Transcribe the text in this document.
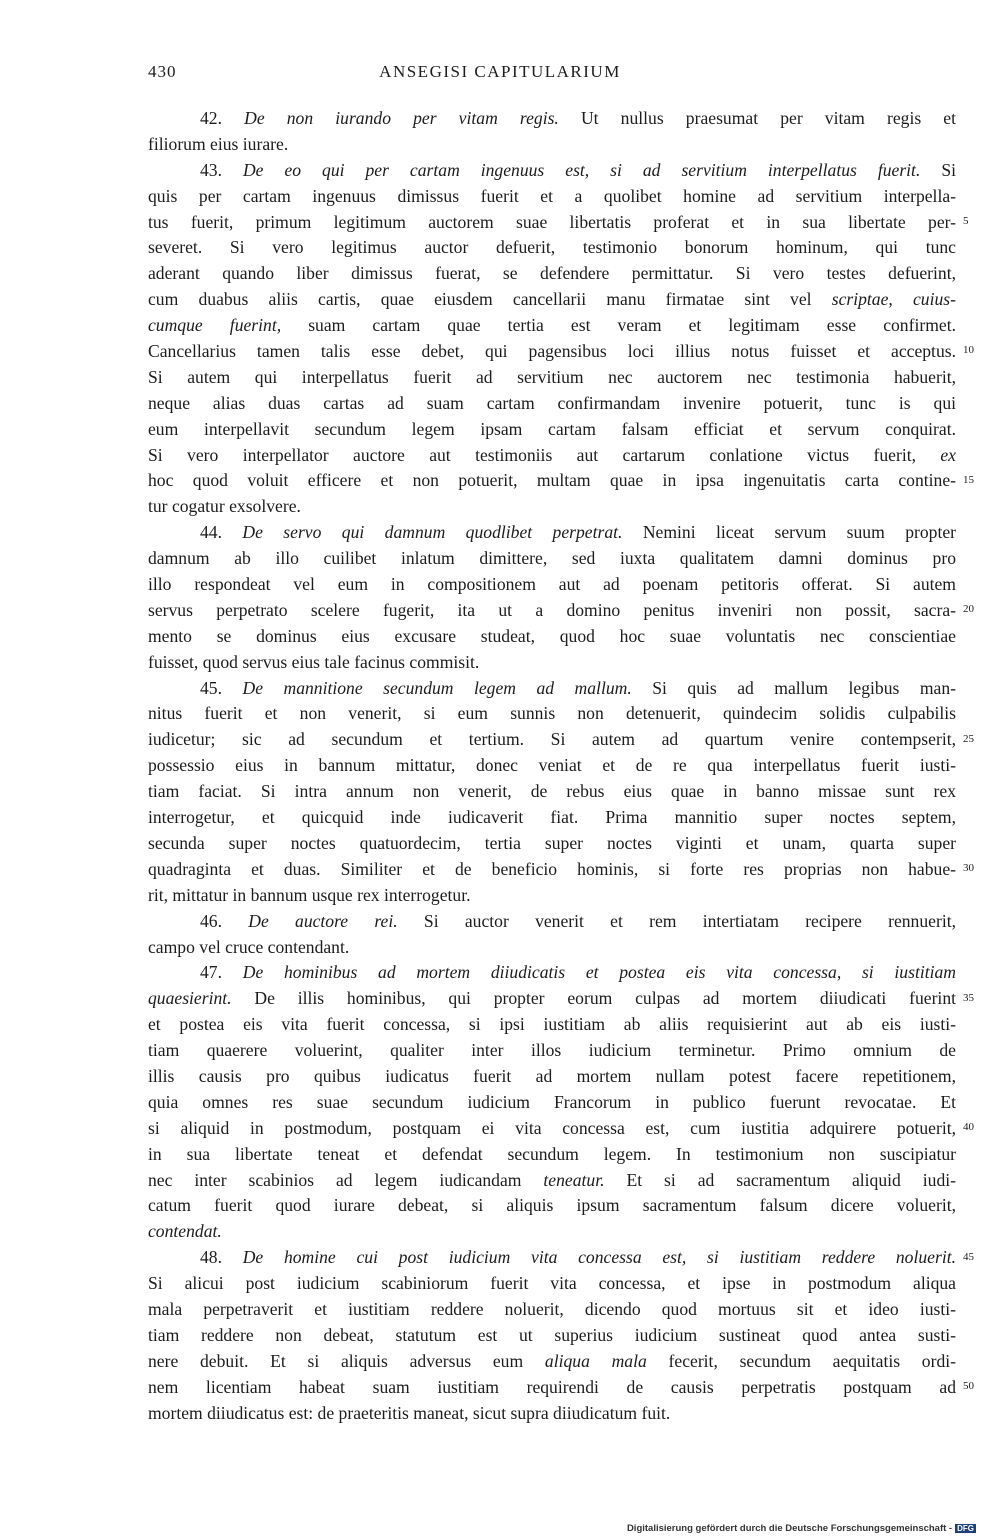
430	ANSEGISI CAPITULARIUM
42. De non iurando per vitam regis. Ut nullus praesumat per vitam regis et
filiorum eius iurare.
43. De eo qui per cartam ingenuus est, si ad servitium interpellatus fuerit. Si
quis per cartam ingenuus dimissus fuerit et a quolibet homine ad servitium interpella-
tus fuerit, primum legitimum auctorem suae libertatis proferat et in sua libertate per-
severet. Si vero legitimus auctor defuerit, testimonio bonorum hominum, qui tunc
aderant quando liber dimissus fuerat, se defendere permittatur. Si vero testes defuerint,
cum duabus aliis cartis, quae eiusdem cancellarii manu firmatae sint vel scriptae, cuius-
cumque fuerint, suam cartam quae tertia est veram et legitimam esse confirmet.
Cancellarius tamen talis esse debet, qui pagensibus loci illius notus fuisset et acceptus.
Si autem qui interpellatus fuerit ad servitium nec auctorem nec testimonia habuerit,
neque alias duas cartas ad suam cartam confirmandam invenire potuerit, tunc is qui
eum interpellavit secundum legem ipsam cartam falsam efficiat et servum conquirat.
Si vero interpellator auctore aut testimoniis aut cartarum conlatione victus fuerit, ex
hoc quod voluit efficere et non potuerit, multam quae in ipsa ingenuitatis carta contine-
tur cogatur exsolvere.
44. De servo qui damnum quodlibet perpetrat. Nemini liceat servum suum propter
damnum ab illo cuilibet inlatum dimittere, sed iuxta qualitatem damni dominus pro
illo respondeat vel eum in compositionem aut ad poenam petitoris offerat. Si autem
servus perpetrato scelere fugerit, ita ut a domino penitus inveniri non possit, sacra-
mento se dominus eius excusare studeat, quod hoc suae voluntatis nec conscientiae
fuisset, quod servus eius tale facinus commisit.
45. De mannitione secundum legem ad mallum. Si quis ad mallum legibus man-
nitus fuerit et non venerit, si eum sunnis non detenuerit, quindecim solidis culpabilis
iudicetur; sic ad secundum et tertium. Si autem ad quartum venire contempserit,
possessio eius in bannum mittatur, donec veniat et de re qua interpellatus fuerit iusti-
tiam faciat. Si intra annum non venerit, de rebus eius quae in banno missae sunt rex
interrogetur, et quicquid inde iudicaverit fiat. Prima mannitio super noctes septem,
secunda super noctes quatuordecim, tertia super noctes viginti et unam, quarta super
quadraginta et duas. Similiter et de beneficio hominis, si forte res proprias non habue-
rit, mittatur in bannum usque rex interrogetur.
46. De auctore rei. Si auctor venerit et rem intertiatam recipere rennuerit,
campo vel cruce contendant.
47. De hominibus ad mortem diiudicatis et postea eis vita concessa, si iustitiam
quaesierint. De illis hominibus, qui propter eorum culpas ad mortem diiudicati fuerint
et postea eis vita fuerit concessa, si ipsi iustitiam ab aliis requisierint aut ab eis iusti-
tiam quaerere voluerint, qualiter inter illos iudicium terminetur. Primo omnium de
illis causis pro quibus iudicatus fuerit ad mortem nullam potest facere repetitionem,
quia omnes res suae secundum iudicium Francorum in publico fuerunt revocatae. Et
si aliquid in postmodum, postquam ei vita concessa est, cum iustitia adquirere potuerit,
in sua libertate teneat et defendat secundum legem. In testimonium non suscipiatur
nec inter scabinios ad legem iudicandam teneatur. Et si ad sacramentum aliquid iudi-
catum fuerit quod iurare debeat, si aliquis ipsum sacramentum falsum dicere voluerit,
contendat.
48. De homine cui post iudicium vita concessa est, si iustitiam reddere noluerit.
Si alicui post iudicium scabiniorum fuerit vita concessa, et ipse in postmodum aliqua
mala perpetraverit et iustitiam reddere noluerit, dicendo quod mortuus sit et ideo iusti-
tiam reddere non debeat, statutum est ut superius iudicium sustineat quod antea susti-
nere debuit. Et si aliquis adversus eum aliqua mala fecerit, secundum aequitatis ordi-
nem licentiam habeat suam iustitiam requirendi de causis perpetratis postquam ad
mortem diiudicatus est: de praeteritis maneat, sicut supra diiudicatum fuit.
Digitalisierung gefördert durch die Deutsche Forschungsgemeinschaft - DFG
5
10
15
20
25
30
35
40
45
50
